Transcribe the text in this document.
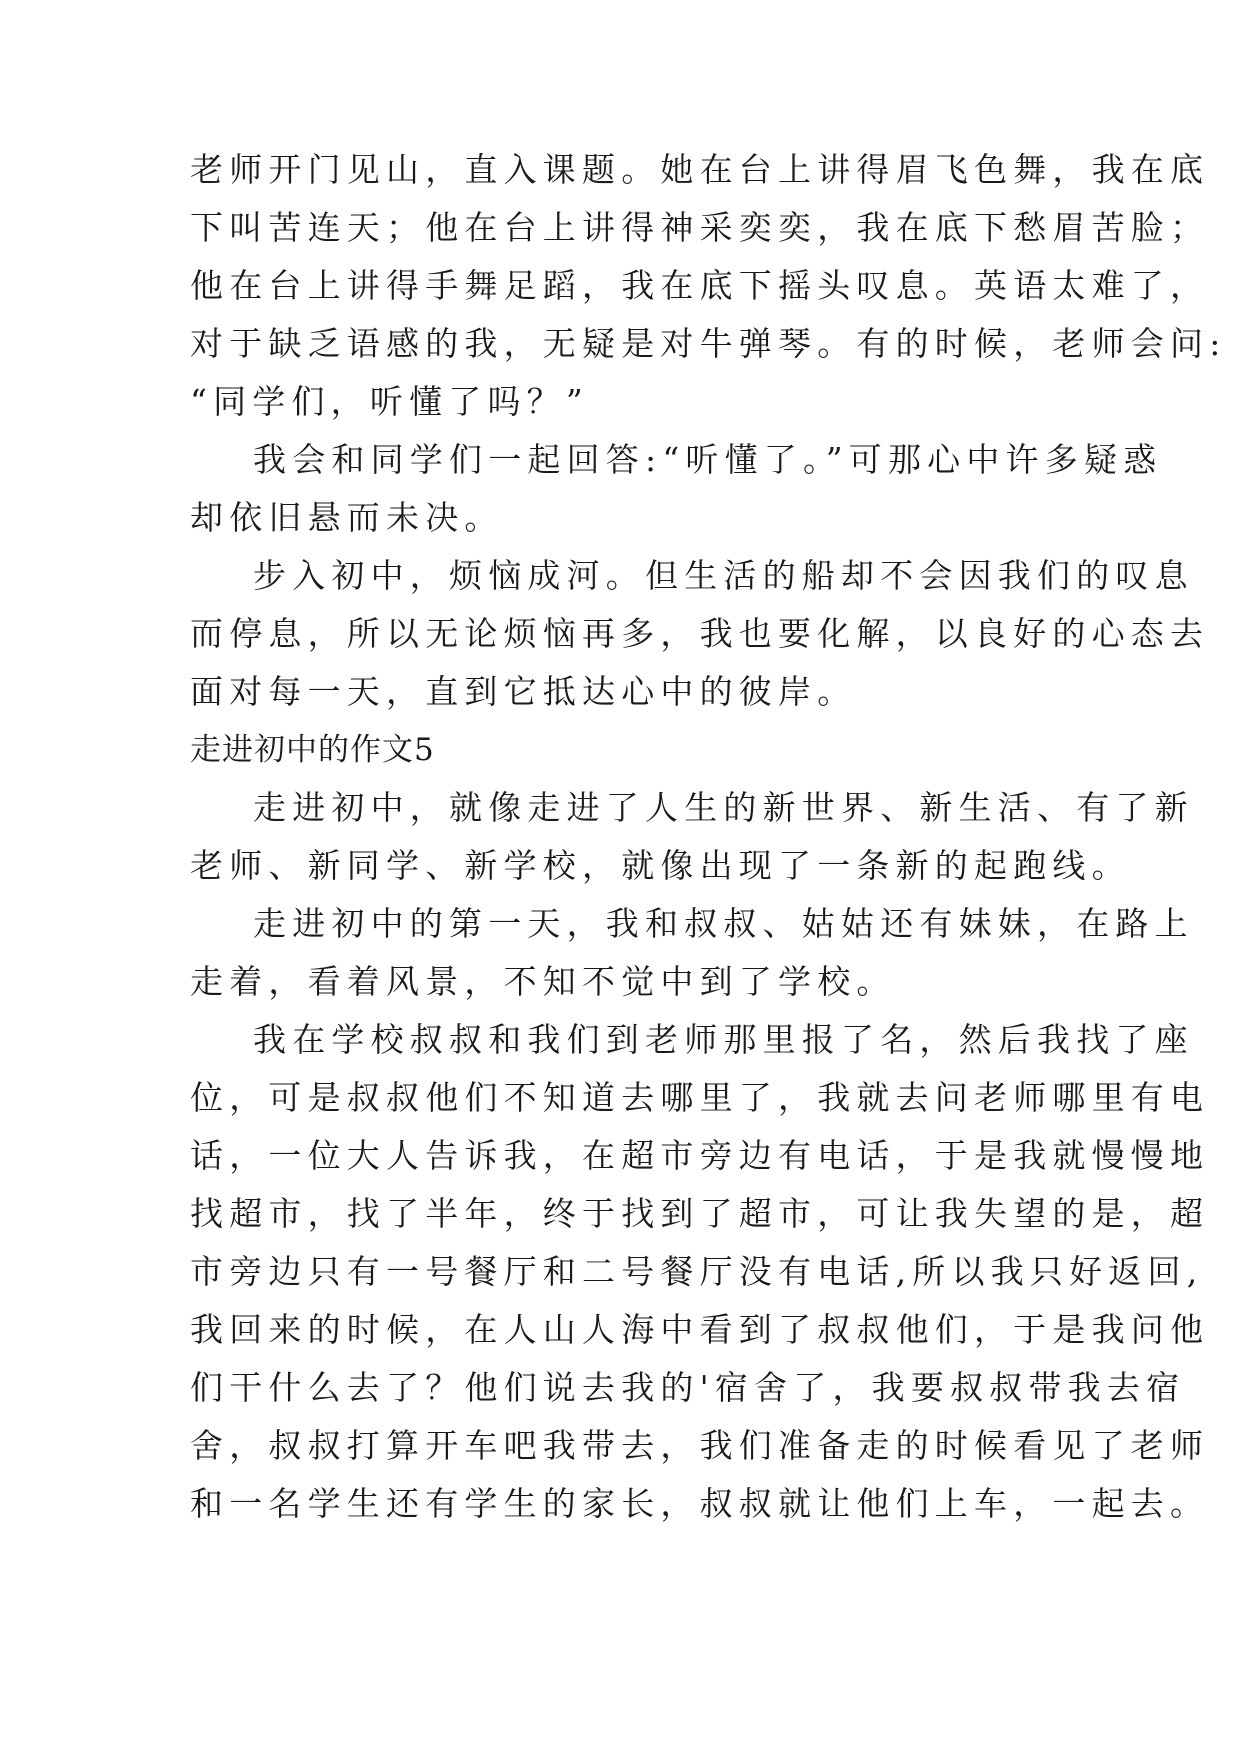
老师开门见山，直入课题。她在台上讲得眉飞色舞，我在底
下叫苦连天；他在台上讲得神采奕奕，我在底下愁眉苦脸；
他在台上讲得手舞足蹈，我在底下摇头叹息。英语太难了，
对于缺乏语感的我，无疑是对牛弹琴。有的时候，老师会问:
“同学们，听懂了吗？”
我会和同学们一起回答:“听懂了。”可那心中许多疑惑
却依旧悬而未决。
步入初中，烦恼成河。但生活的船却不会因我们的叹息
而停息，所以无论烦恼再多，我也要化解，以良好的心态去
面对每一天，直到它抵达心中的彼岸。
走进初中的作文5
走进初中，就像走进了人生的新世界、新生活、有了新
老师、新同学、新学校，就像出现了一条新的起跑线。
走进初中的第一天，我和叔叔、姑姑还有妹妹，在路上
走着，看着风景，不知不觉中到了学校。
我在学校叔叔和我们到老师那里报了名，然后我找了座
位，可是叔叔他们不知道去哪里了，我就去问老师哪里有电
话，一位大人告诉我，在超市旁边有电话，于是我就慢慢地
找超市，找了半年，终于找到了超市，可让我失望的是，超
市旁边只有一号餐厅和二号餐厅没有电话,所以我只好返回,
我回来的时候，在人山人海中看到了叔叔他们，于是我问他
们干什么去了？他们说去我的'宿舍了，我要叔叔带我去宿
舍，叔叔打算开车吧我带去，我们准备走的时候看见了老师
和一名学生还有学生的家长，叔叔就让他们上车，一起去。
